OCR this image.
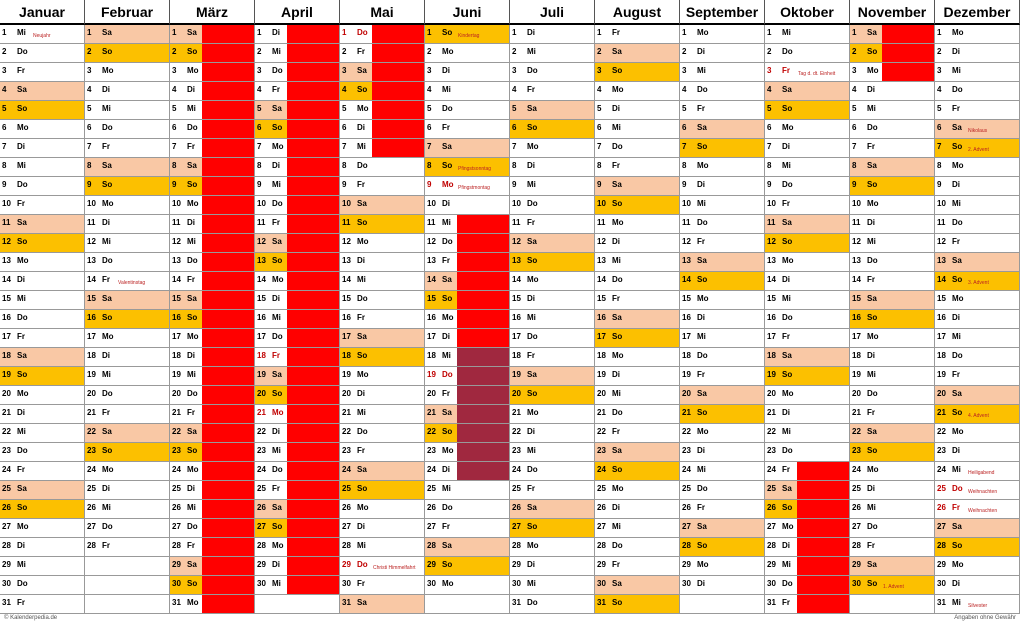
Januar
1 Mi Neujahr
2 Do
3 Fr
4 Sa
5 So
6 Mo
7 Di
8 Mi
9 Do
10 Fr
11 Sa
12 So
13 Mo
14 Di
15 Mi
16 Do
17 Fr
18 Sa
19 So
20 Mo
21 Di
22 Mi
23 Do
24 Fr
25 Sa
26 So
27 Mo
28 Di
29 Mi
30 Do
31 Fr
Februar
1 Sa
2 So
3 Mo
4 Di
5 Mi
6 Do
7 Fr
8 Sa
9 So
10 Mo
11 Di
12 Mi
13 Do
14 Fr Valentinstag
15 Sa
16 So
17 Mo
18 Di
19 Mi
20 Do
21 Fr
22 Sa
23 So
24 Mo
25 Di
26 Mi
27 Do
28 Fr
März
1 Sa
2 So
3 Mo
4 Di
5 Mi
6 Do
7 Fr
8 Sa
9 So
10 Mo
11 Di
12 Mi
13 Do
14 Fr
15 Sa
16 So
17 Mo
18 Di
19 Mi
20 Do
21 Fr
22 Sa
23 So
24 Mo
25 Di
26 Mi
27 Do
28 Fr
29 Sa
30 So
31 Mo
April
1 Di
2 Mi
3 Do
4 Fr
5 Sa
6 So
7 Mo
8 Di
9 Mi
10 Do
11 Fr
12 Sa
13 So
14 Mo
15 Di
16 Mi
17 Do
18 Fr
19 Sa
20 So
21 Mo
22 Di
23 Mi
24 Do
25 Fr
26 Sa
27 So
28 Mo
29 Di
30 Mi
Mai
1 Do
2 Fr
3 Sa
4 So
5 Mo
6 Di
7 Mi
8 Do
9 Fr
10 Sa
11 So
12 Mo
13 Di
14 Mi
15 Do
16 Fr
17 Sa
18 So
19 Mo
20 Di
21 Mi
22 Do
23 Fr
24 Sa
25 So
26 Mo
27 Di
28 Mi
29 Do Christi Himmelfahrt
30 Fr
31 Sa
Juni
1 So Kindertag
2 Mo
3 Di
4 Mi
5 Do
6 Fr
7 Sa
8 So Pfingstsonntag
9 Mo Pfingstmontag
10 Di
11 Mi
12 Do
13 Fr
14 Sa
15 So
16 Mo
17 Di
18 Mi
19 Do
20 Fr
21 Sa
22 So
23 Mo
24 Di
25 Mi
26 Do
27 Fr
28 Sa
29 So
30 Mo
Juli
1 Di
2 Mi
3 Do
4 Fr
5 Sa
6 So
7 Mo
8 Di
9 Mi
10 Do
11 Fr
12 Sa
13 So
14 Mo
15 Di
16 Mi
17 Do
18 Fr
19 Sa
20 So
21 Mo
22 Di
23 Mi
24 Do
25 Fr
26 Sa
27 So
28 Mo
29 Di
30 Mi
31 Do
August
1 Fr
2 Sa
3 So
4 Mo
5 Di
6 Mi
7 Do
8 Fr
9 Sa
10 So
11 Mo
12 Di
13 Mi
14 Do
15 Fr
16 Sa
17 So
18 Mo
19 Di
20 Mi
21 Do
22 Fr
23 Sa
24 So
25 Mo
26 Di
27 Mi
28 Do
29 Fr
30 Sa
31 So
September
1 Mo
2 Di
3 Mi
4 Do
5 Fr
6 Sa
7 So
8 Mo
9 Di
10 Mi
11 Do
12 Fr
13 Sa
14 So
15 Mo
16 Di
17 Mi
18 Do
19 Fr
20 Sa
21 So
22 Mo
23 Di
24 Mi
25 Do
26 Fr
27 Sa
28 So
29 Mo
30 Di
Oktober
1 Mi
2 Do
3 Fr Tag d. dt. Einheit
4 Sa
5 So
6 Mo
7 Di
8 Mi
9 Do
10 Fr
11 Sa
12 So
13 Mo
14 Di
15 Mi
16 Do
17 Fr
18 Sa
19 So
20 Mo
21 Di
22 Mi
23 Do
24 Fr
25 Sa
26 So
27 Mo
28 Di
29 Mi
30 Do
31 Fr
November
1 Sa
2 So
3 Mo
4 Di
5 Mi
6 Do
7 Fr
8 Sa
9 So
10 Mo
11 Di
12 Mi
13 Do
14 Fr
15 Sa
16 So
17 Mo
18 Di
19 Mi
20 Do
21 Fr
22 Sa
23 So
24 Mo
25 Di
26 Mi
27 Do
28 Fr
29 Sa
30 So 1. Advent
Dezember
1 Mo
2 Di
3 Mi
4 Do
5 Fr
6 Sa Nikolaus
7 So 2. Advent
8 Mo
9 Di
10 Mi
11 Do
12 Fr
13 Sa
14 So 3. Advent
15 Mo
16 Di
17 Mi
18 Do
19 Fr
20 Sa
21 So 4. Advent
22 Mo
23 Di
24 Mi Heiligabend
25 Do Weihnachten
26 Fr Weihnachten
27 Sa
28 So
29 Mo
30 Di
31 Mi Silvester
© Kalenderpedia.de	Angaben ohne Gewähr
